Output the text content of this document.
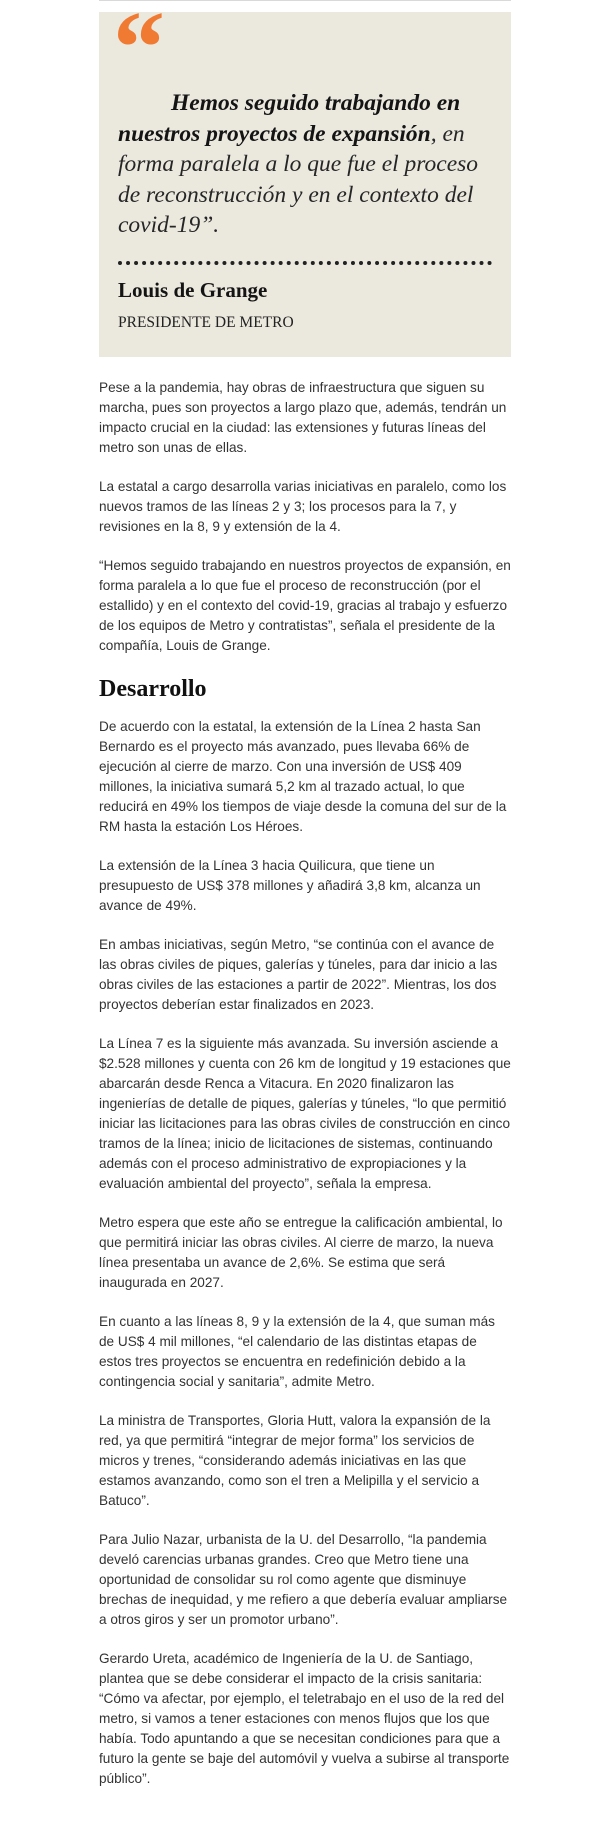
“ Hemos seguido trabajando en nuestros proyectos de expansión, en forma paralela a lo que fue el proceso de reconstrucción y en el contexto del covid-19”.

Louis de Grange
PRESIDENTE DE METRO

Pese a la pandemia, hay obras de infraestructura que siguen su marcha, pues son proyectos a largo plazo que, además, tendrán un impacto crucial en la ciudad: las extensiones y futuras líneas del metro son unas de ellas.

La estatal a cargo desarrolla varias iniciativas en paralelo, como los nuevos tramos de las líneas 2 y 3; los procesos para la 7, y revisiones en la 8, 9 y extensión de la 4.

“Hemos seguido trabajando en nuestros proyectos de expansión, en forma paralela a lo que fue el proceso de reconstrucción (por el estallido) y en el contexto del covid-19, gracias al trabajo y esfuerzo de los equipos de Metro y contratistas”, señala el presidente de la compañía, Louis de Grange.

Desarrollo

De acuerdo con la estatal, la extensión de la Línea 2 hasta San Bernardo es el proyecto más avanzado, pues llevaba 66% de ejecución al cierre de marzo. Con una inversión de US$ 409 millones, la iniciativa sumará 5,2 km al trazado actual, lo que reducirá en 49% los tiempos de viaje desde la comuna del sur de la RM hasta la estación Los Héroes.

La extensión de la Línea 3 hacia Quilicura, que tiene un presupuesto de US$ 378 millones y añadirá 3,8 km, alcanza un avance de 49%.

En ambas iniciativas, según Metro, “se continúa con el avance de las obras civiles de piques, galerías y túneles, para dar inicio a las obras civiles de las estaciones a partir de 2022”. Mientras, los dos proyectos deberían estar finalizados en 2023.

La Línea 7 es la siguiente más avanzada. Su inversión asciende a $2.528 millones y cuenta con 26 km de longitud y 19 estaciones que abarcarán desde Renca a Vitacura. En 2020 finalizaron las ingenierías de detalle de piques, galerías y túneles, “lo que permitió iniciar las licitaciones para las obras civiles de construcción en cinco tramos de la línea; inicio de licitaciones de sistemas, continuando además con el proceso administrativo de expropiaciones y la evaluación ambiental del proyecto”, señala la empresa.

Metro espera que este año se entregue la calificación ambiental, lo que permitirá iniciar las obras civiles. Al cierre de marzo, la nueva línea presentaba un avance de 2,6%. Se estima que será inaugurada en 2027.

En cuanto a las líneas 8, 9 y la extensión de la 4, que suman más de US$ 4 mil millones, “el calendario de las distintas etapas de estos tres proyectos se encuentra en redefinición debido a la contingencia social y sanitaria”, admite Metro.

La ministra de Transportes, Gloria Hutt, valora la expansión de la red, ya que permitirá “integrar de mejor forma” los servicios de micros y trenes, “considerando además iniciativas en las que estamos avanzando, como son el tren a Melipilla y el servicio a Batuco”.

Para Julio Nazar, urbanista de la U. del Desarrollo, “la pandemia develó carencias urbanas grandes. Creo que Metro tiene una oportunidad de consolidar su rol como agente que disminuye brechas de inequidad, y me refiero a que debería evaluar ampliarse a otros giros y ser un promotor urbano”.

Gerardo Ureta, académico de Ingeniería de la U. de Santiago, plantea que se debe considerar el impacto de la crisis sanitaria: “Cómo va afectar, por ejemplo, el teletrabajo en el uso de la red del metro, si vamos a tener estaciones con menos flujos que los que había. Todo apuntando a que se necesitan condiciones para que a futuro la gente se baje del automóvil y vuelva a subirse al transporte público”.
